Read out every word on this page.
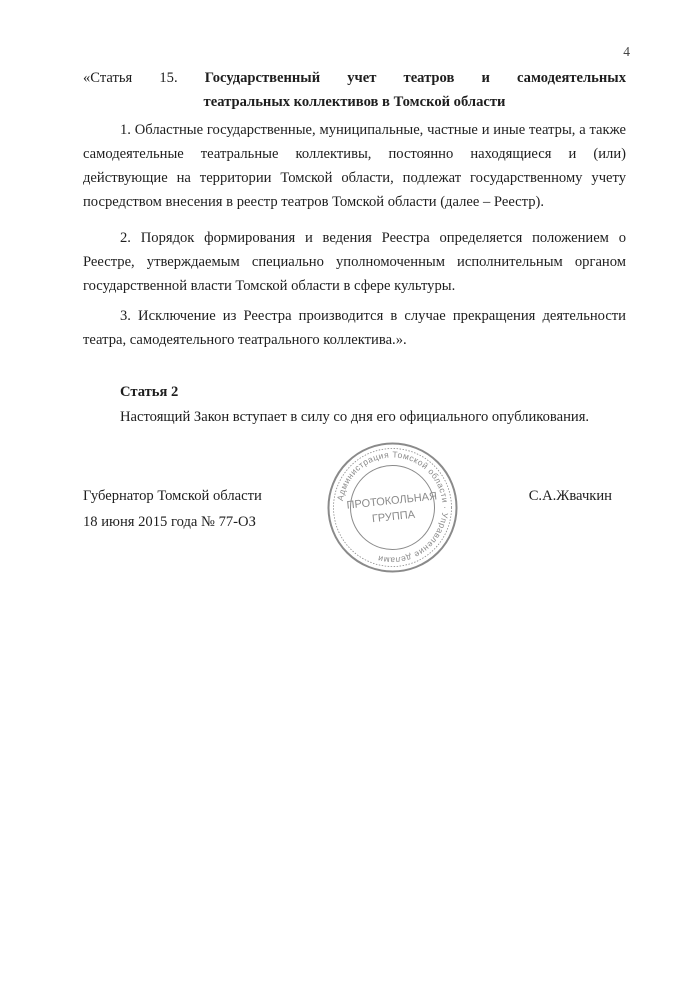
4
«Статья 15. Государственный учет театров и самодеятельных
театральных коллективов в Томской области

1. Областные государственные, муниципальные, частные и иные театры, а также самодеятельные театральные коллективы, постоянно находящиеся и (или) действующие на территории Томской области, подлежат государственному учету посредством внесения в реестр театров Томской области (далее – Реестр).

2. Порядок формирования и ведения Реестра определяется положением о Реестре, утверждаемым специально уполномоченным исполнительным органом государственной власти Томской области в сфере культуры.

3. Исключение из Реестра производится в случае прекращения деятельности театра, самодеятельного театрального коллектива.».

Статья 2
Настоящий Закон вступает в силу со дня его официального опубликования.
Губернатор Томской области
18 июня 2015 года № 77-ОЗ
С.А.Жвачкин
Администрация Томской области · Управление делами
ПРОТОКОЛЬНАЯ
ГРУППА
